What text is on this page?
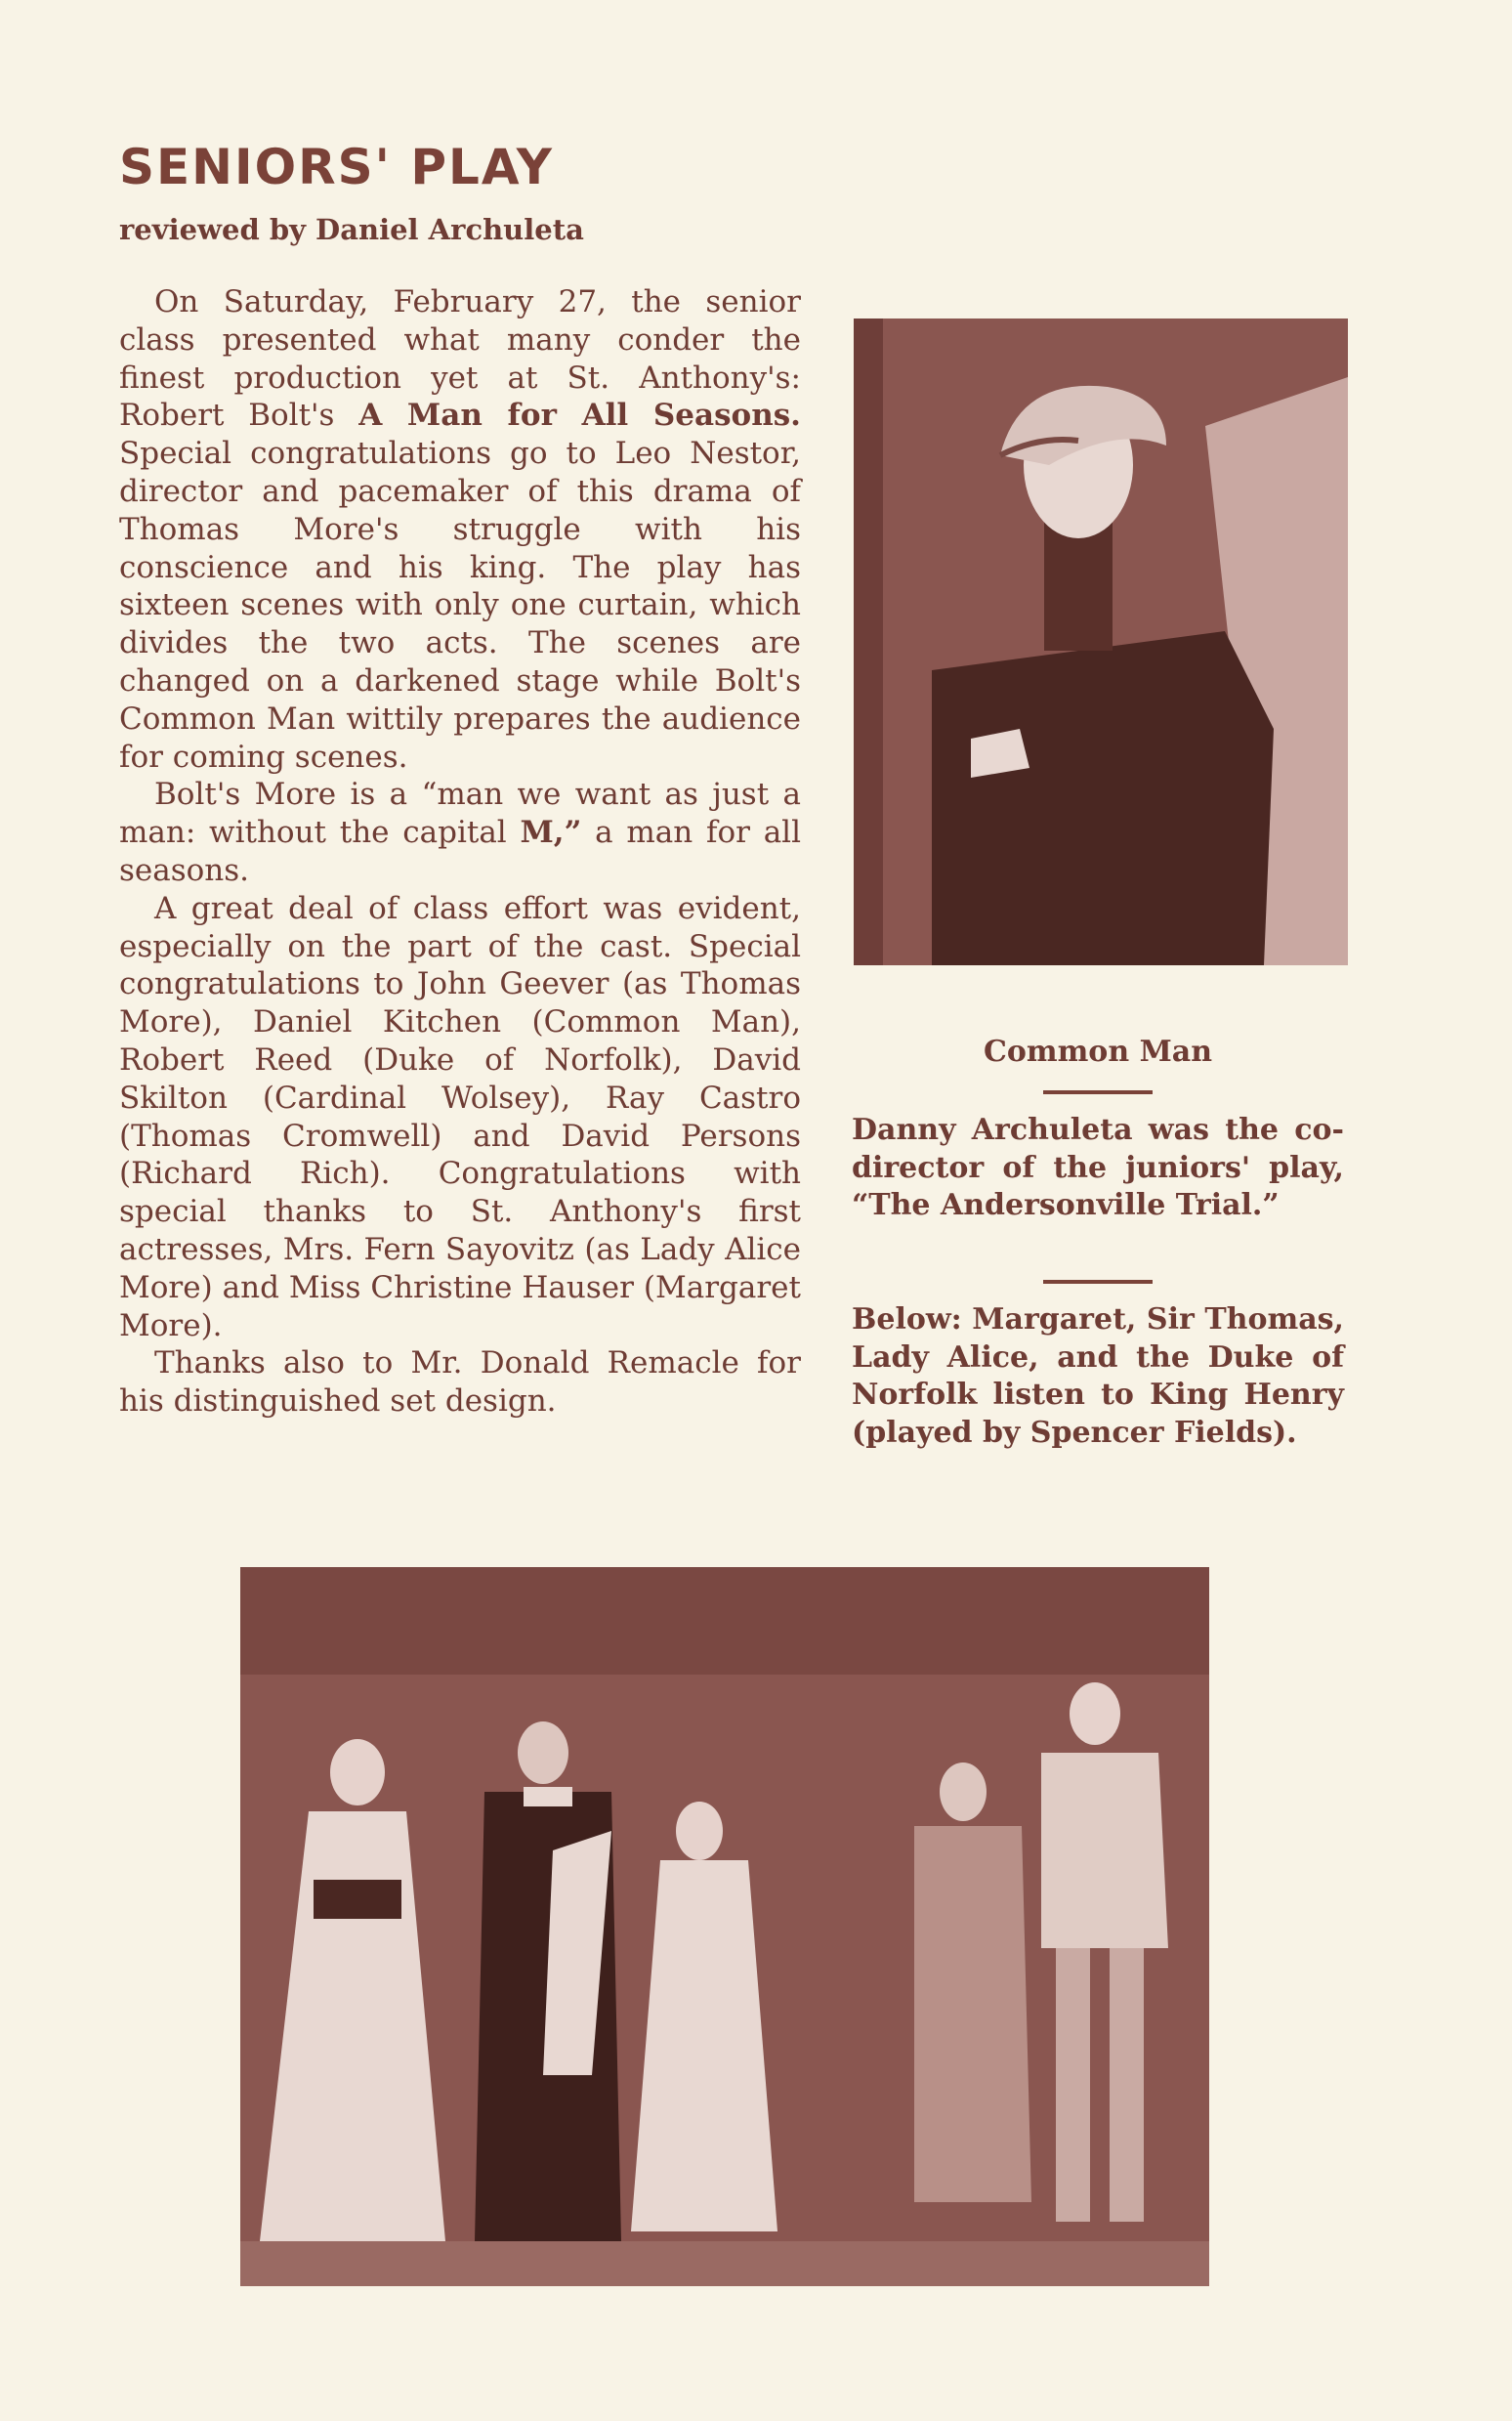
SENIORS' PLAY
reviewed by Daniel Archuleta

On Saturday, February 27, the senior class presented what many conder the finest production yet at St. Anthony's: Robert Bolt's A Man for All Seasons. Special congratulations go to Leo Nestor, director and pacemaker of this drama of Thomas More's struggle with his conscience and his king. The play has sixteen scenes with only one curtain, which divides the two acts. The scenes are changed on a darkened stage while Bolt's Common Man wittily prepares the audience for coming scenes.

Bolt's More is a “man we want as just a man: without the capital M,” a man for all seasons.

A great deal of class effort was evident, especially on the part of the cast. Special congratulations to John Geever (as Thomas More), Daniel Kitchen (Common Man), Robert Reed (Duke of Norfolk), David Skilton (Cardinal Wolsey), Ray Castro (Thomas Cromwell) and David Persons (Richard Rich). Congratulations with special thanks to St. Anthony's first actresses, Mrs. Fern Sayovitz (as Lady Alice More) and Miss Christine Hauser (Margaret More).

Thanks also to Mr. Donald Remacle for his distinguished set design.

Common Man
Danny Archuleta was the co-director of the juniors' play, “The Andersonville Trial.”
Below: Margaret, Sir Thomas, Lady Alice, and the Duke of Norfolk listen to King Henry (played by Spencer Fields).
